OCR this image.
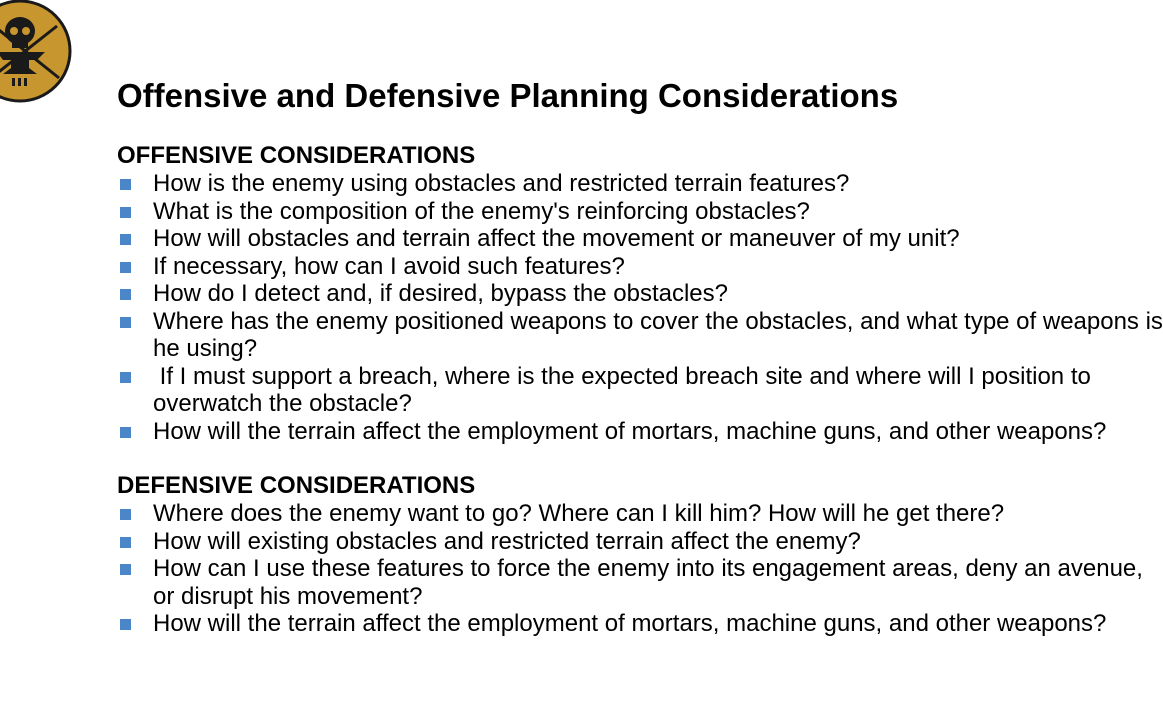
Offensive and Defensive Planning Considerations
OFFENSIVE CONSIDERATIONS
How is the enemy using obstacles and restricted terrain features?
What is the composition of the enemy's reinforcing obstacles?
How will obstacles and terrain affect the movement or maneuver of my unit?
If necessary, how can I avoid such features?
How do I detect and, if desired, bypass the obstacles?
Where has the enemy positioned weapons to cover the obstacles, and what type of weapons is
he using?
If I must support a breach, where is the expected breach site and where will I position to
overwatch the obstacle?
How will the terrain affect the employment of mortars, machine guns, and other weapons?
DEFENSIVE CONSIDERATIONS
Where does the enemy want to go? Where can I kill him? How will he get there?
How will existing obstacles and restricted terrain affect the enemy?
How can I use these features to force the enemy into its engagement areas, deny an avenue,
or disrupt his movement?
How will the terrain affect the employment of mortars, machine guns, and other weapons?
